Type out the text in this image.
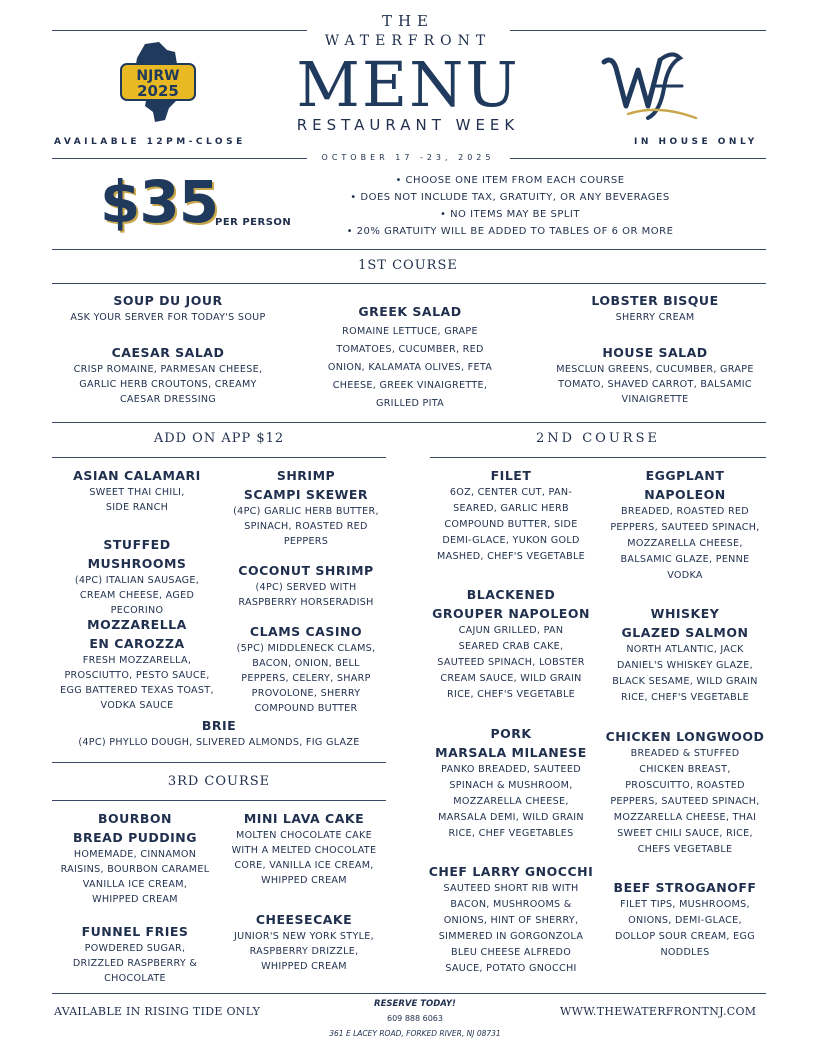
THE
WATERFRONT
MENU
RESTAURANT WEEK
NJRW
2025
AVAILABLE 12PM-CLOSE	IN HOUSE ONLY
OCTOBER 17 -23, 2025
$35
PER PERSON
• CHOOSE ONE ITEM FROM EACH COURSE
• DOES NOT INCLUDE TAX, GRATUITY, OR ANY BEVERAGES
• NO ITEMS MAY BE SPLIT
• 20% GRATUITY WILL BE ADDED TO TABLES OF 6 OR MORE
1ST COURSE
SOUP DU JOUR
ASK YOUR SERVER FOR TODAY'S SOUP
CAESAR SALAD
CRISP ROMAINE, PARMESAN CHEESE,
GARLIC HERB CROUTONS, CREAMY
CAESAR DRESSING
GREEK SALAD
ROMAINE LETTUCE, GRAPE
TOMATOES, CUCUMBER, RED
ONION, KALAMATA OLIVES, FETA
CHEESE, GREEK VINAIGRETTE,
GRILLED PITA
LOBSTER BISQUE
SHERRY CREAM
HOUSE SALAD
MESCLUN GREENS, CUCUMBER, GRAPE
TOMATO, SHAVED CARROT, BALSAMIC
VINAIGRETTE
ADD ON APP $12	2ND COURSE
ASIAN CALAMARI
SWEET THAI CHILI,
SIDE RANCH
STUFFED MUSHROOMS
(4PC) ITALIAN SAUSAGE,
CREAM CHEESE, AGED
PECORINO
MOZZARELLA
EN CAROZZA
FRESH MOZZARELLA,
PROSCIUTTO, PESTO SAUCE,
EGG BATTERED TEXAS TOAST,
VODKA SAUCE
SHRIMP
SCAMPI SKEWER
(4PC) GARLIC HERB BUTTER,
SPINACH, ROASTED RED
PEPPERS
COCONUT SHRIMP
(4PC) SERVED WITH
RASPBERRY HORSERADISH
CLAMS CASINO
(5PC) MIDDLENECK CLAMS,
BACON, ONION, BELL
PEPPERS, CELERY, SHARP
PROVOLONE, SHERRY
COMPOUND BUTTER
BRIE
(4PC) PHYLLO DOUGH, SLIVERED ALMONDS, FIG GLAZE
3RD COURSE
BOURBON
BREAD PUDDING
HOMEMADE, CINNAMON
RAISINS, BOURBON CARAMEL
VANILLA ICE CREAM,
WHIPPED CREAM
FUNNEL FRIES
POWDERED SUGAR,
DRIZZLED RASPBERRY &
CHOCOLATE
MINI LAVA CAKE
MOLTEN CHOCOLATE CAKE
WITH A MELTED CHOCOLATE
CORE, VANILLA ICE CREAM,
WHIPPED CREAM
CHEESECAKE
JUNIOR'S NEW YORK STYLE,
RASPBERRY DRIZZLE,
WHIPPED CREAM
FILET
6OZ, CENTER CUT, PAN-
SEARED, GARLIC HERB
COMPOUND BUTTER, SIDE
DEMI-GLACE, YUKON GOLD
MASHED, CHEF'S VEGETABLE
BLACKENED
GROUPER NAPOLEON
CAJUN GRILLED, PAN
SEARED CRAB CAKE,
SAUTEED SPINACH, LOBSTER
CREAM SAUCE, WILD GRAIN
RICE, CHEF'S VEGETABLE
PORK
MARSALA MILANESE
PANKO BREADED, SAUTEED
SPINACH & MUSHROOM,
MOZZARELLA CHEESE,
MARSALA DEMI, WILD GRAIN
RICE, CHEF VEGETABLES
CHEF LARRY GNOCCHI
SAUTEED SHORT RIB WITH
BACON, MUSHROOMS &
ONIONS, HINT OF SHERRY,
SIMMERED IN GORGONZOLA
BLEU CHEESE ALFREDO
SAUCE, POTATO GNOCCHI
EGGPLANT
NAPOLEON
BREADED, ROASTED RED
PEPPERS, SAUTEED SPINACH,
MOZZARELLA CHEESE,
BALSAMIC GLAZE, PENNE
VODKA
WHISKEY
GLAZED SALMON
NORTH ATLANTIC, JACK
DANIEL'S WHISKEY GLAZE,
BLACK SESAME, WILD GRAIN
RICE, CHEF'S VEGETABLE
CHICKEN LONGWOOD
BREADED & STUFFED
CHICKEN BREAST,
PROSCUITTO, ROASTED
PEPPERS, SAUTEED SPINACH,
MOZZARELLA CHEESE, THAI
SWEET CHILI SAUCE, RICE,
CHEFS VEGETABLE
BEEF STROGANOFF
FILET TIPS, MUSHROOMS,
ONIONS, DEMI-GLACE,
DOLLOP SOUR CREAM, EGG
NODDLES
AVAILABLE IN RISING TIDE ONLY
RESERVE TODAY!
609 888 6063
361 E LACEY ROAD, FORKED RIVER, NJ 08731
WWW.THEWATERFRONTNJ.COM
